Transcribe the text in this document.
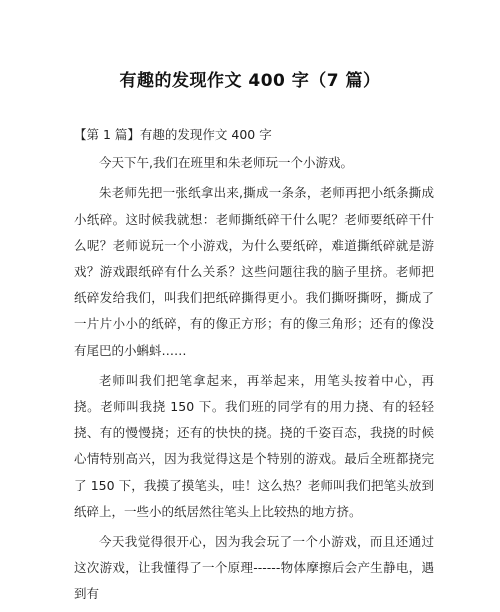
有趣的发现作文 400 字（7 篇）

【第 1 篇】有趣的发现作文 400 字

今天下午,我们在班里和朱老师玩一个小游戏。

朱老师先把一张纸拿出来,撕成一条条，老师再把小纸条撕成小纸碎。这时候我就想：老师撕纸碎干什么呢？老师要纸碎干什么呢？老师说玩一个小游戏，为什么要纸碎，难道撕纸碎就是游戏？游戏跟纸碎有什么关系？这些问题往我的脑子里挤。老师把纸碎发给我们，叫我们把纸碎撕得更小。我们撕呀撕呀，撕成了一片片小小的纸碎，有的像正方形；有的像三角形；还有的像没有尾巴的小蝌蚪……

老师叫我们把笔拿起来，再举起来，用笔头按着中心，再挠。老师叫我挠 150 下。我们班的同学有的用力挠、有的轻轻挠、有的慢慢挠；还有的快快的挠。挠的千姿百态，我挠的时候心情特别高兴，因为我觉得这是个特别的游戏。最后全班都挠完了 150 下，我摸了摸笔头，哇！这么热？老师叫我们把笔头放到纸碎上，一些小的纸居然往笔头上比较热的地方挤。

今天我觉得很开心，因为我会玩了一个小游戏，而且还通过这次游戏，让我懂得了一个原理------物体摩擦后会产生静电，遇到有
